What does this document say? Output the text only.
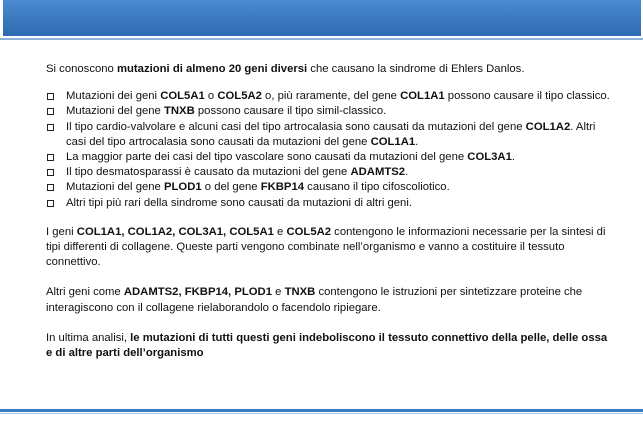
Si conoscono mutazioni di almeno 20 geni diversi che causano la sindrome di Ehlers Danlos.

Mutazioni dei geni COL5A1 o COL5A2 o, più raramente, del gene COL1A1 possono causare il tipo classico.
Mutazioni del gene TNXB possono causare il tipo simil-classico.
Il tipo cardio-valvolare e alcuni casi del tipo artrocalasia sono causati da mutazioni del gene COL1A2. Altri casi del tipo artrocalasia sono causati da mutazioni del gene COL1A1.
La maggior parte dei casi del tipo vascolare sono causati da mutazioni del gene COL3A1.
Il tipo desmatosparassi è causato da mutazioni del gene ADAMTS2.
Mutazioni del gene PLOD1 o del gene FKBP14 causano il tipo cifoscoliotico.
Altri tipi più rari della sindrome sono causati da mutazioni di altri geni.

I geni COL1A1, COL1A2, COL3A1, COL5A1 e COL5A2 contengono le informazioni necessarie per la sintesi di tipi differenti di collagene. Queste parti vengono combinate nell’organismo e vanno a costituire il tessuto connettivo.

Altri geni come ADAMTS2, FKBP14, PLOD1 e TNXB contengono le istruzioni per sintetizzare proteine che interagiscono con il collagene rielaborandolo o facendolo ripiegare.

In ultima analisi, le mutazioni di tutti questi geni indeboliscono il tessuto connettivo della pelle, delle ossa e di altre parti dell’organismo
